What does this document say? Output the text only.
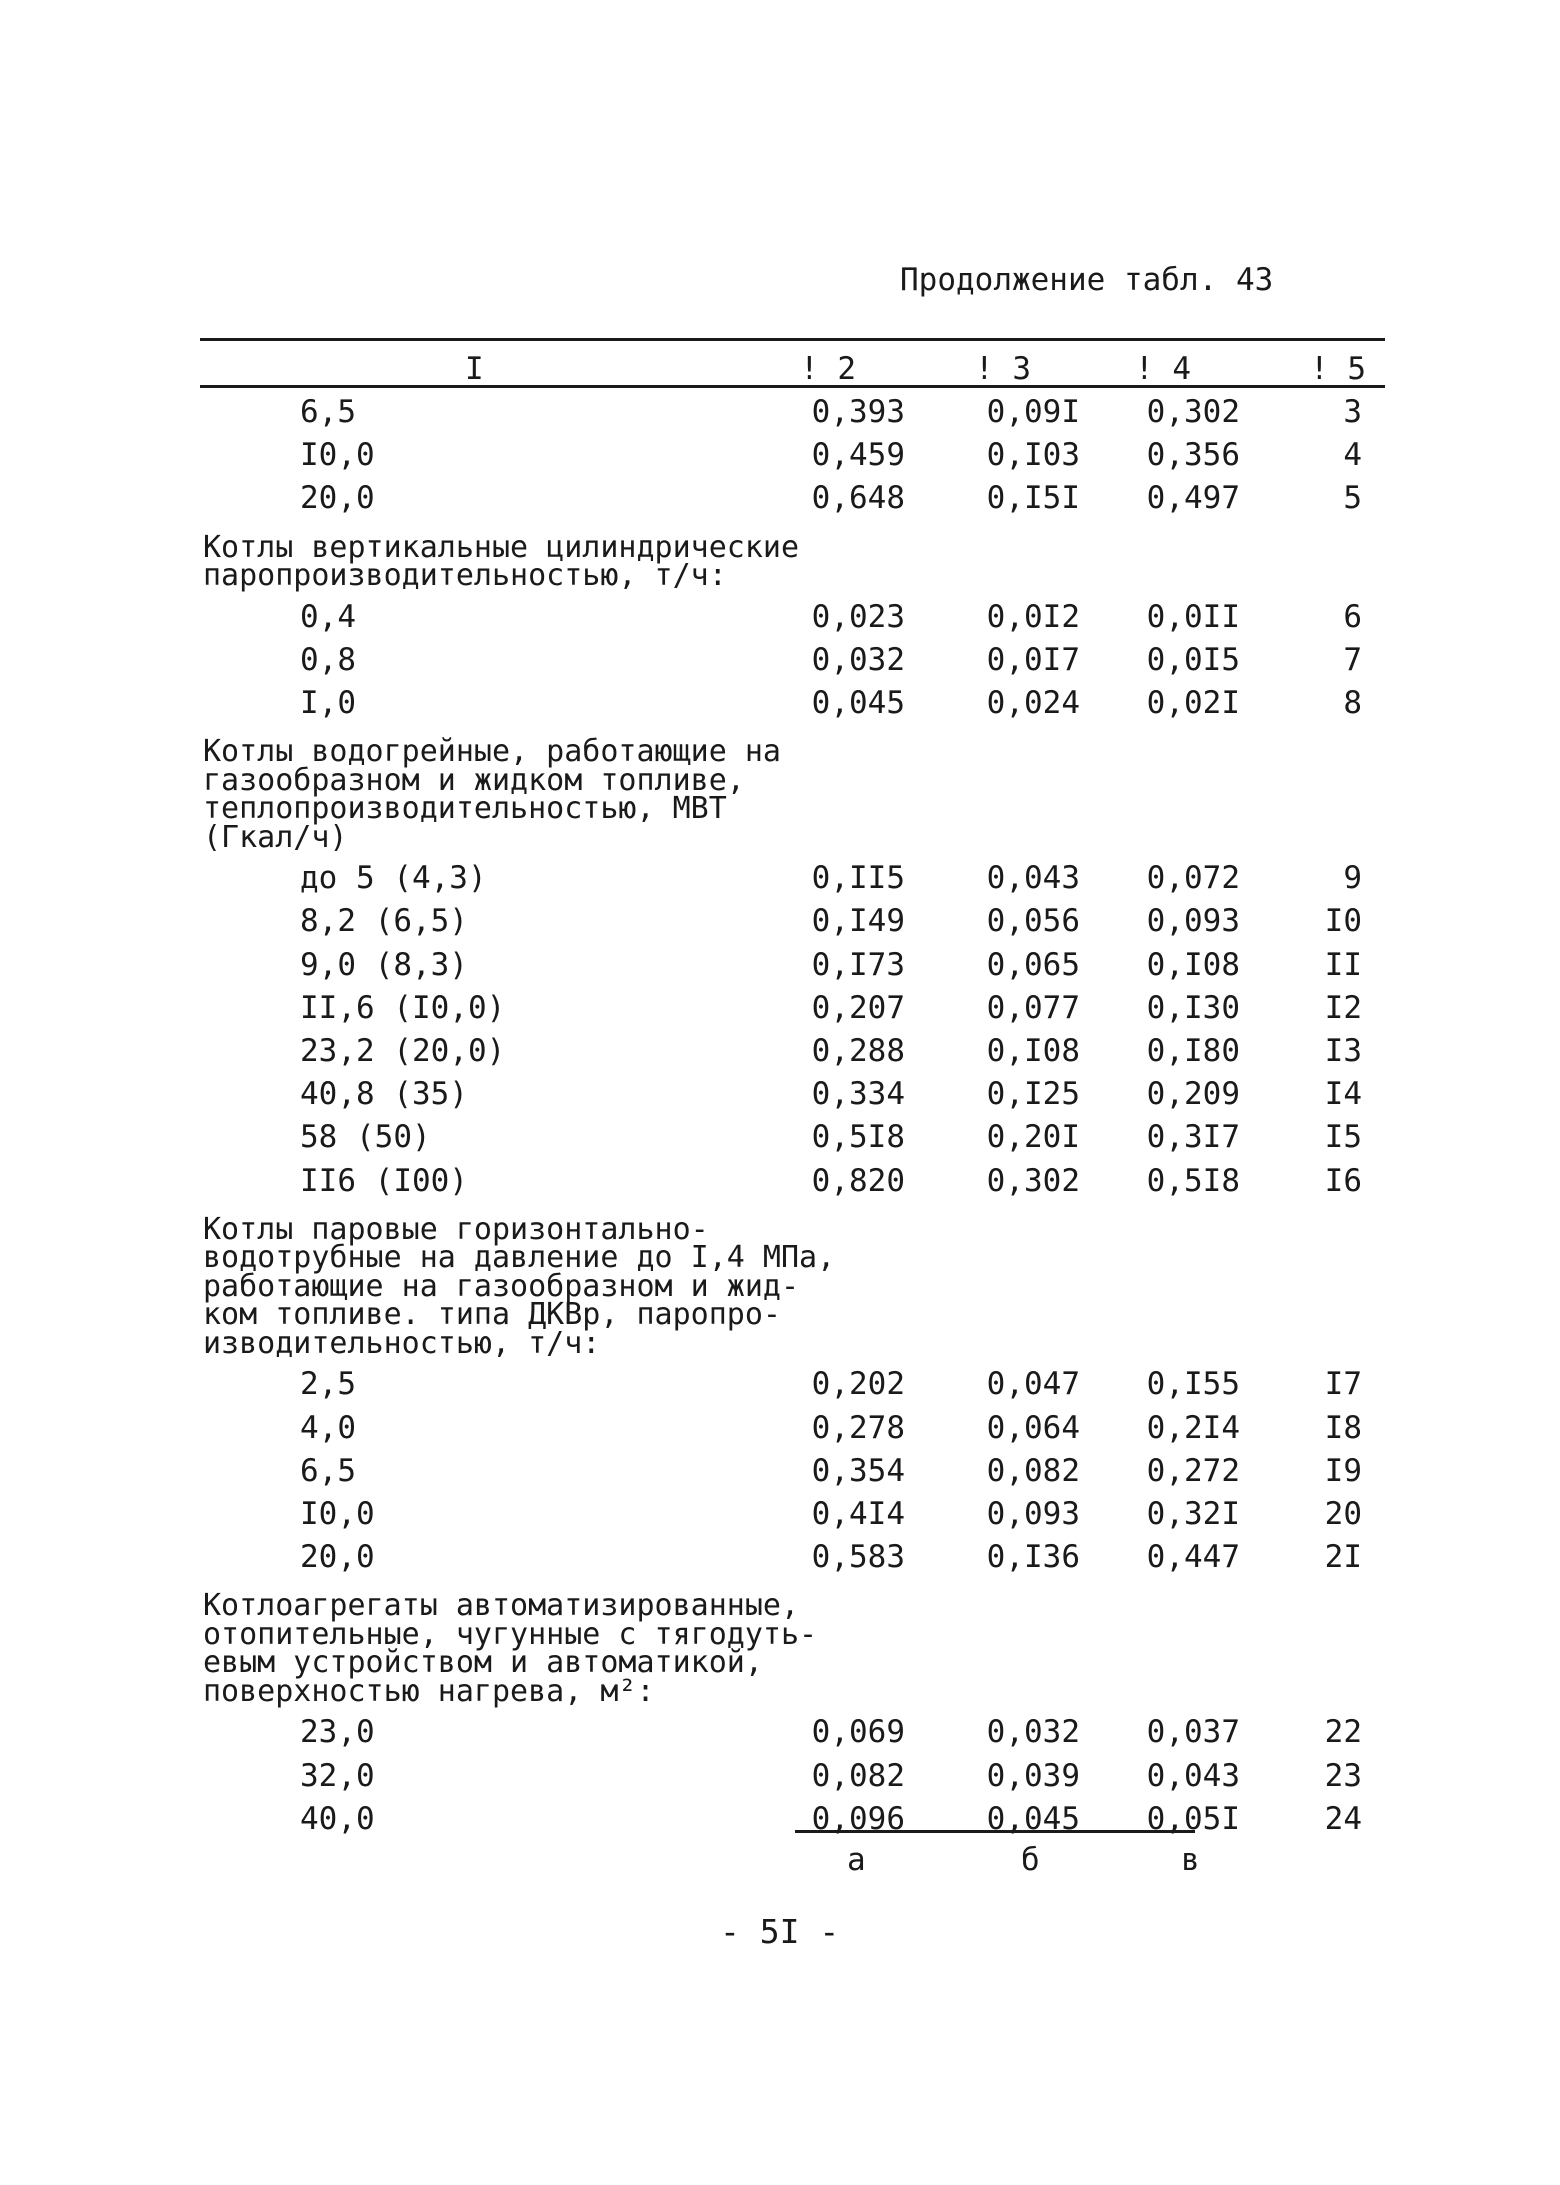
Продолжение табл. 43
I	! 2	! 3	! 4	! 5
6,5	0,393	0,09I 0,302	3
I0,0	0,459	0,I03 0,356	4
20,0	0,648	0,I5I 0,497	5
Котлы вертикальные цилиндрические
паропроизводительностью, т/ч:
0,4	0,023	0,0I2 0,0II	6
0,8	0,032	0,0I7 0,0I5	7
I,0	0,045	0,024 0,02I	8
Котлы водогрейные, работающие на
газообразном и жидком топливе,
теплопроизводительностью, МВТ
(Гкал/ч)
до 5 (4,3)	0,II5	0,043 0,072	9
8,2 (6,5)	0,I49	0,056 0,093	I0
9,0 (8,3)	0,I73	0,065 0,I08	II
II,6 (I0,0)	0,207	0,077 0,I30	I2
23,2 (20,0)	0,288	0,I08 0,I80	I3
40,8 (35)	0,334	0,I25 0,209	I4
58 (50)	0,5I8	0,20I 0,3I7	I5
II6 (I00)	0,820	0,302 0,5I8	I6
Котлы паровые горизонтально-
водотрубные на давление до I,4 МПа,
работающие на газообразном и жид-
ком топливе. типа ДКВр, паропро-
изводительностью, т/ч:
2,5	0,202	0,047 0,I55	I7
4,0	0,278	0,064 0,2I4	I8
6,5	0,354	0,082 0,272	I9
I0,0	0,4I4	0,093 0,32I	20
20,0	0,583	0,I36 0,447	2I
Котлоагрегаты автоматизированные,
отопительные, чугунные с тягодуть-
евым устройством и автоматикой,
поверхностью нагрева, м²:
23,0	0,069	0,032 0,037	22
32,0	0,082	0,039 0,043	23
40,0	0,096	0,045 0,05I	24
а	б	в
- 5I -
